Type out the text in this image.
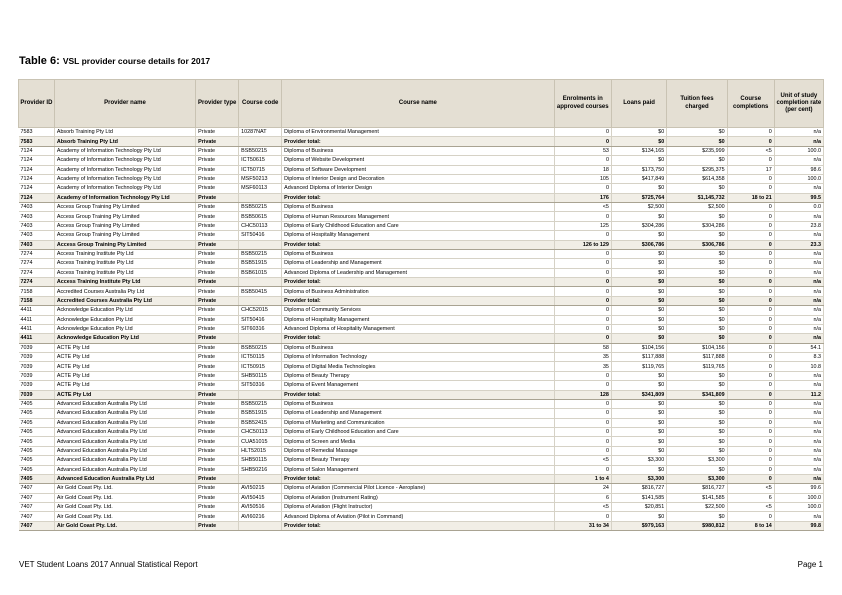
Table 6: VSL provider course details for 2017
Provider ID	Provider name	Provider type	Course code	Course name	Enrolments in approved courses	Loans paid	Tuition fees charged	Course completions	Unit of study completion rate (per cent)
7583	Absorb Training Pty Ltd	Private	10287NAT	Diploma of Environmental Management	0	$0	$0	0	n/a
7583	Absorb Training Pty Ltd	Private		Provider total:	0	$0	$0	0	n/a
7124	Academy of Information Technology Pty Ltd	Private	BSB50215	Diploma of Business	53	$134,165	$235,999	<5	100.0
7124	Academy of Information Technology Pty Ltd	Private	ICT50615	Diploma of Website Development	0	$0	$0	0	n/a
7124	Academy of Information Technology Pty Ltd	Private	ICT50715	Diploma of Software Development	18	$173,750	$295,375	17	98.6
7124	Academy of Information Technology Pty Ltd	Private	MSF50213	Diploma of Interior Design and Decoration	105	$417,849	$614,358	0	100.0
7124	Academy of Information Technology Pty Ltd	Private	MSF60113	Advanced Diploma of Interior Design	0	$0	$0	0	n/a
7124	Academy of Information Technology Pty Ltd	Private		Provider total:	176	$725,764	$1,145,732	18 to 21	99.5
7403	Access Group Training Pty Limited	Private	BSB50215	Diploma of Business	<5	$2,500	$2,500	0	0.0
7403	Access Group Training Pty Limited	Private	BSB50615	Diploma of Human Resources Management	0	$0	$0	0	n/a
7403	Access Group Training Pty Limited	Private	CHC50113	Diploma of Early Childhood Education and Care	125	$304,286	$304,286	0	23.8
7403	Access Group Training Pty Limited	Private	SIT50416	Diploma of Hospitality Management	0	$0	$0	0	n/a
7403	Access Group Training Pty Limited	Private		Provider total:	126 to 129	$306,786	$306,786	0	23.3
7274	Access Training Institute Pty Ltd	Private	BSB50215	Diploma of Business	0	$0	$0	0	n/a
7274	Access Training Institute Pty Ltd	Private	BSB51915	Diploma of Leadership and Management	0	$0	$0	0	n/a
7274	Access Training Institute Pty Ltd	Private	BSB61015	Advanced Diploma of Leadership and Management	0	$0	$0	0	n/a
7274	Access Training Institute Pty Ltd	Private		Provider total:	0	$0	$0	0	n/a
7158	Accredited Courses Australia Pty Ltd	Private	BSB50415	Diploma of Business Administration	0	$0	$0	0	n/a
7158	Accredited Courses Australia Pty Ltd	Private		Provider total:	0	$0	$0	0	n/a
4411	Acknowledge Education Pty Ltd	Private	CHC52015	Diploma of Community Services	0	$0	$0	0	n/a
4411	Acknowledge Education Pty Ltd	Private	SIT50416	Diploma of Hospitality Management	0	$0	$0	0	n/a
4411	Acknowledge Education Pty Ltd	Private	SIT60316	Advanced Diploma of Hospitality Management	0	$0	$0	0	n/a
4411	Acknowledge Education Pty Ltd	Private		Provider total:	0	$0	$0	0	n/a
7039	ACTE Pty Ltd	Private	BSB50215	Diploma of Business	58	$104,156	$104,156	0	54.1
7039	ACTE Pty Ltd	Private	ICT50115	Diploma of Information Technology	35	$117,888	$117,888	0	8.3
7039	ACTE Pty Ltd	Private	ICT50915	Diploma of Digital Media Technologies	35	$119,765	$119,765	0	10.8
7039	ACTE Pty Ltd	Private	SHB50115	Diploma of Beauty Therapy	0	$0	$0	0	n/a
7039	ACTE Pty Ltd	Private	SIT50316	Diploma of Event Management	0	$0	$0	0	n/a
7039	ACTE Pty Ltd	Private		Provider total:	128	$341,809	$341,809	0	11.2
7405	Advanced Education Australia Pty Ltd	Private	BSB50215	Diploma of Business	0	$0	$0	0	n/a
7405	Advanced Education Australia Pty Ltd	Private	BSB51915	Diploma of Leadership and Management	0	$0	$0	0	n/a
7405	Advanced Education Australia Pty Ltd	Private	BSB52415	Diploma of Marketing and Communication	0	$0	$0	0	n/a
7405	Advanced Education Australia Pty Ltd	Private	CHC50113	Diploma of Early Childhood Education and Care	0	$0	$0	0	n/a
7405	Advanced Education Australia Pty Ltd	Private	CUA51015	Diploma of Screen and Media	0	$0	$0	0	n/a
7405	Advanced Education Australia Pty Ltd	Private	HLT52015	Diploma of Remedial Massage	0	$0	$0	0	n/a
7405	Advanced Education Australia Pty Ltd	Private	SHB50115	Diploma of Beauty Therapy	<5	$3,300	$3,300	0	n/a
7405	Advanced Education Australia Pty Ltd	Private	SHB50216	Diploma of Salon Management	0	$0	$0	0	n/a
7405	Advanced Education Australia Pty Ltd	Private		Provider total:	1 to 4	$3,300	$3,300	0	n/a
7407	Air Gold Coast Pty. Ltd.	Private	AVI50215	Diploma of Aviation (Commercial Pilot Licence - Aeroplane)	24	$816,727	$816,727	<5	99.6
7407	Air Gold Coast Pty. Ltd.	Private	AVI50415	Diploma of Aviation (Instrument Rating)	6	$141,585	$141,585	6	100.0
7407	Air Gold Coast Pty. Ltd.	Private	AVI50516	Diploma of Aviation (Flight Instructor)	<5	$20,851	$22,500	<5	100.0
7407	Air Gold Coast Pty. Ltd.	Private	AVI60216	Advanced Diploma of Aviation (Pilot in Command)	0	$0	$0	0	n/a
7407	Air Gold Coast Pty. Ltd.	Private		Provider total:	31 to 34	$979,163	$980,812	8 to 14	99.8
VET Student Loans 2017 Annual Statistical Report	Page 1
